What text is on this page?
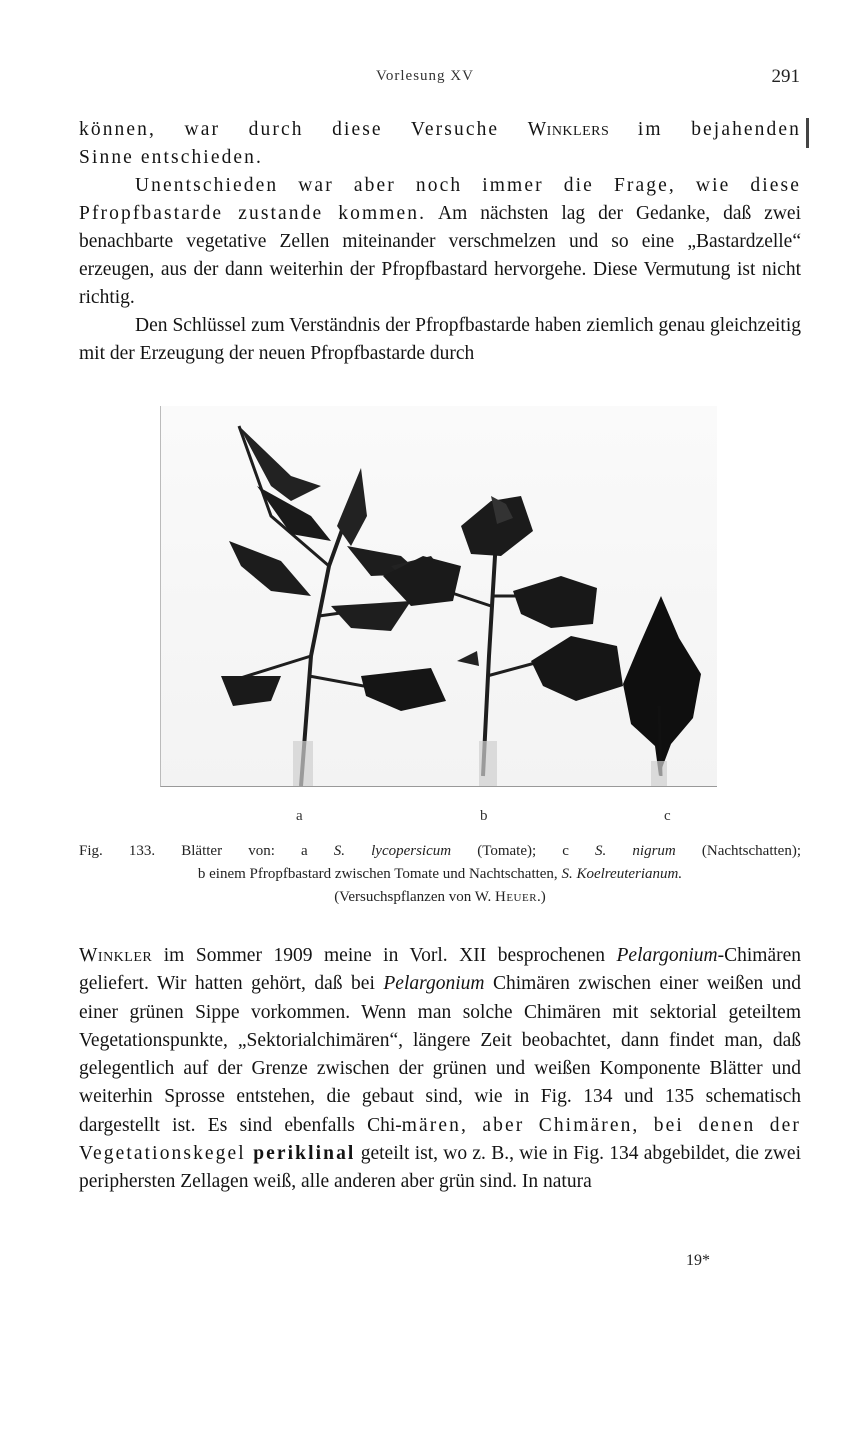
Vorlesung XV	291

können, war durch diese Versuche Winklers im bejahenden

Sinne entschieden.

Unentschieden war aber noch immer die Frage, wie diese

Pfropfbastarde zustande kommen. Am nächsten lag der Gedanke, daß zwei benachbarte vegetative Zellen miteinander verschmelzen und so eine „Bastardzelle“ erzeugen, aus der dann weiterhin der Pfropfbastard hervorgehe. Diese Vermutung ist nicht richtig.

Den Schlüssel zum Verständnis der Pfropfbastarde haben ziemlich genau gleichzeitig mit der Erzeugung der neuen Pfropfbastarde durch

a	b	c

Fig. 133. Blätter von: a S. lycopersicum (Tomate); c S. nigrum (Nachtschatten);

b einem Pfropfbastard zwischen Tomate und Nachtschatten, S. Koelreuterianum.

(Versuchspflanzen von W. Heuer.)

Winkler im Sommer 1909 meine in Vorl. XII besprochenen Pelargonium-Chimären geliefert. Wir hatten gehört, daß bei Pelargonium Chimären zwischen einer weißen und einer grünen Sippe vorkommen. Wenn man solche Chimären mit sektorial geteiltem Vegetationspunkte, „Sektorialchimären“, längere Zeit beobachtet, dann findet man, daß gelegentlich auf der Grenze zwischen der grünen und weißen Komponente Blätter und weiterhin Sprosse entstehen, die gebaut sind, wie in Fig. 134 und 135 schematisch dargestellt ist. Es sind ebenfalls Chi-mären, aber Chimären, bei denen der Vegetationskegel periklinal geteilt ist, wo z. B., wie in Fig. 134 abgebildet, die zwei periphersten Zellagen weiß, alle anderen aber grün sind. In natura

19*
